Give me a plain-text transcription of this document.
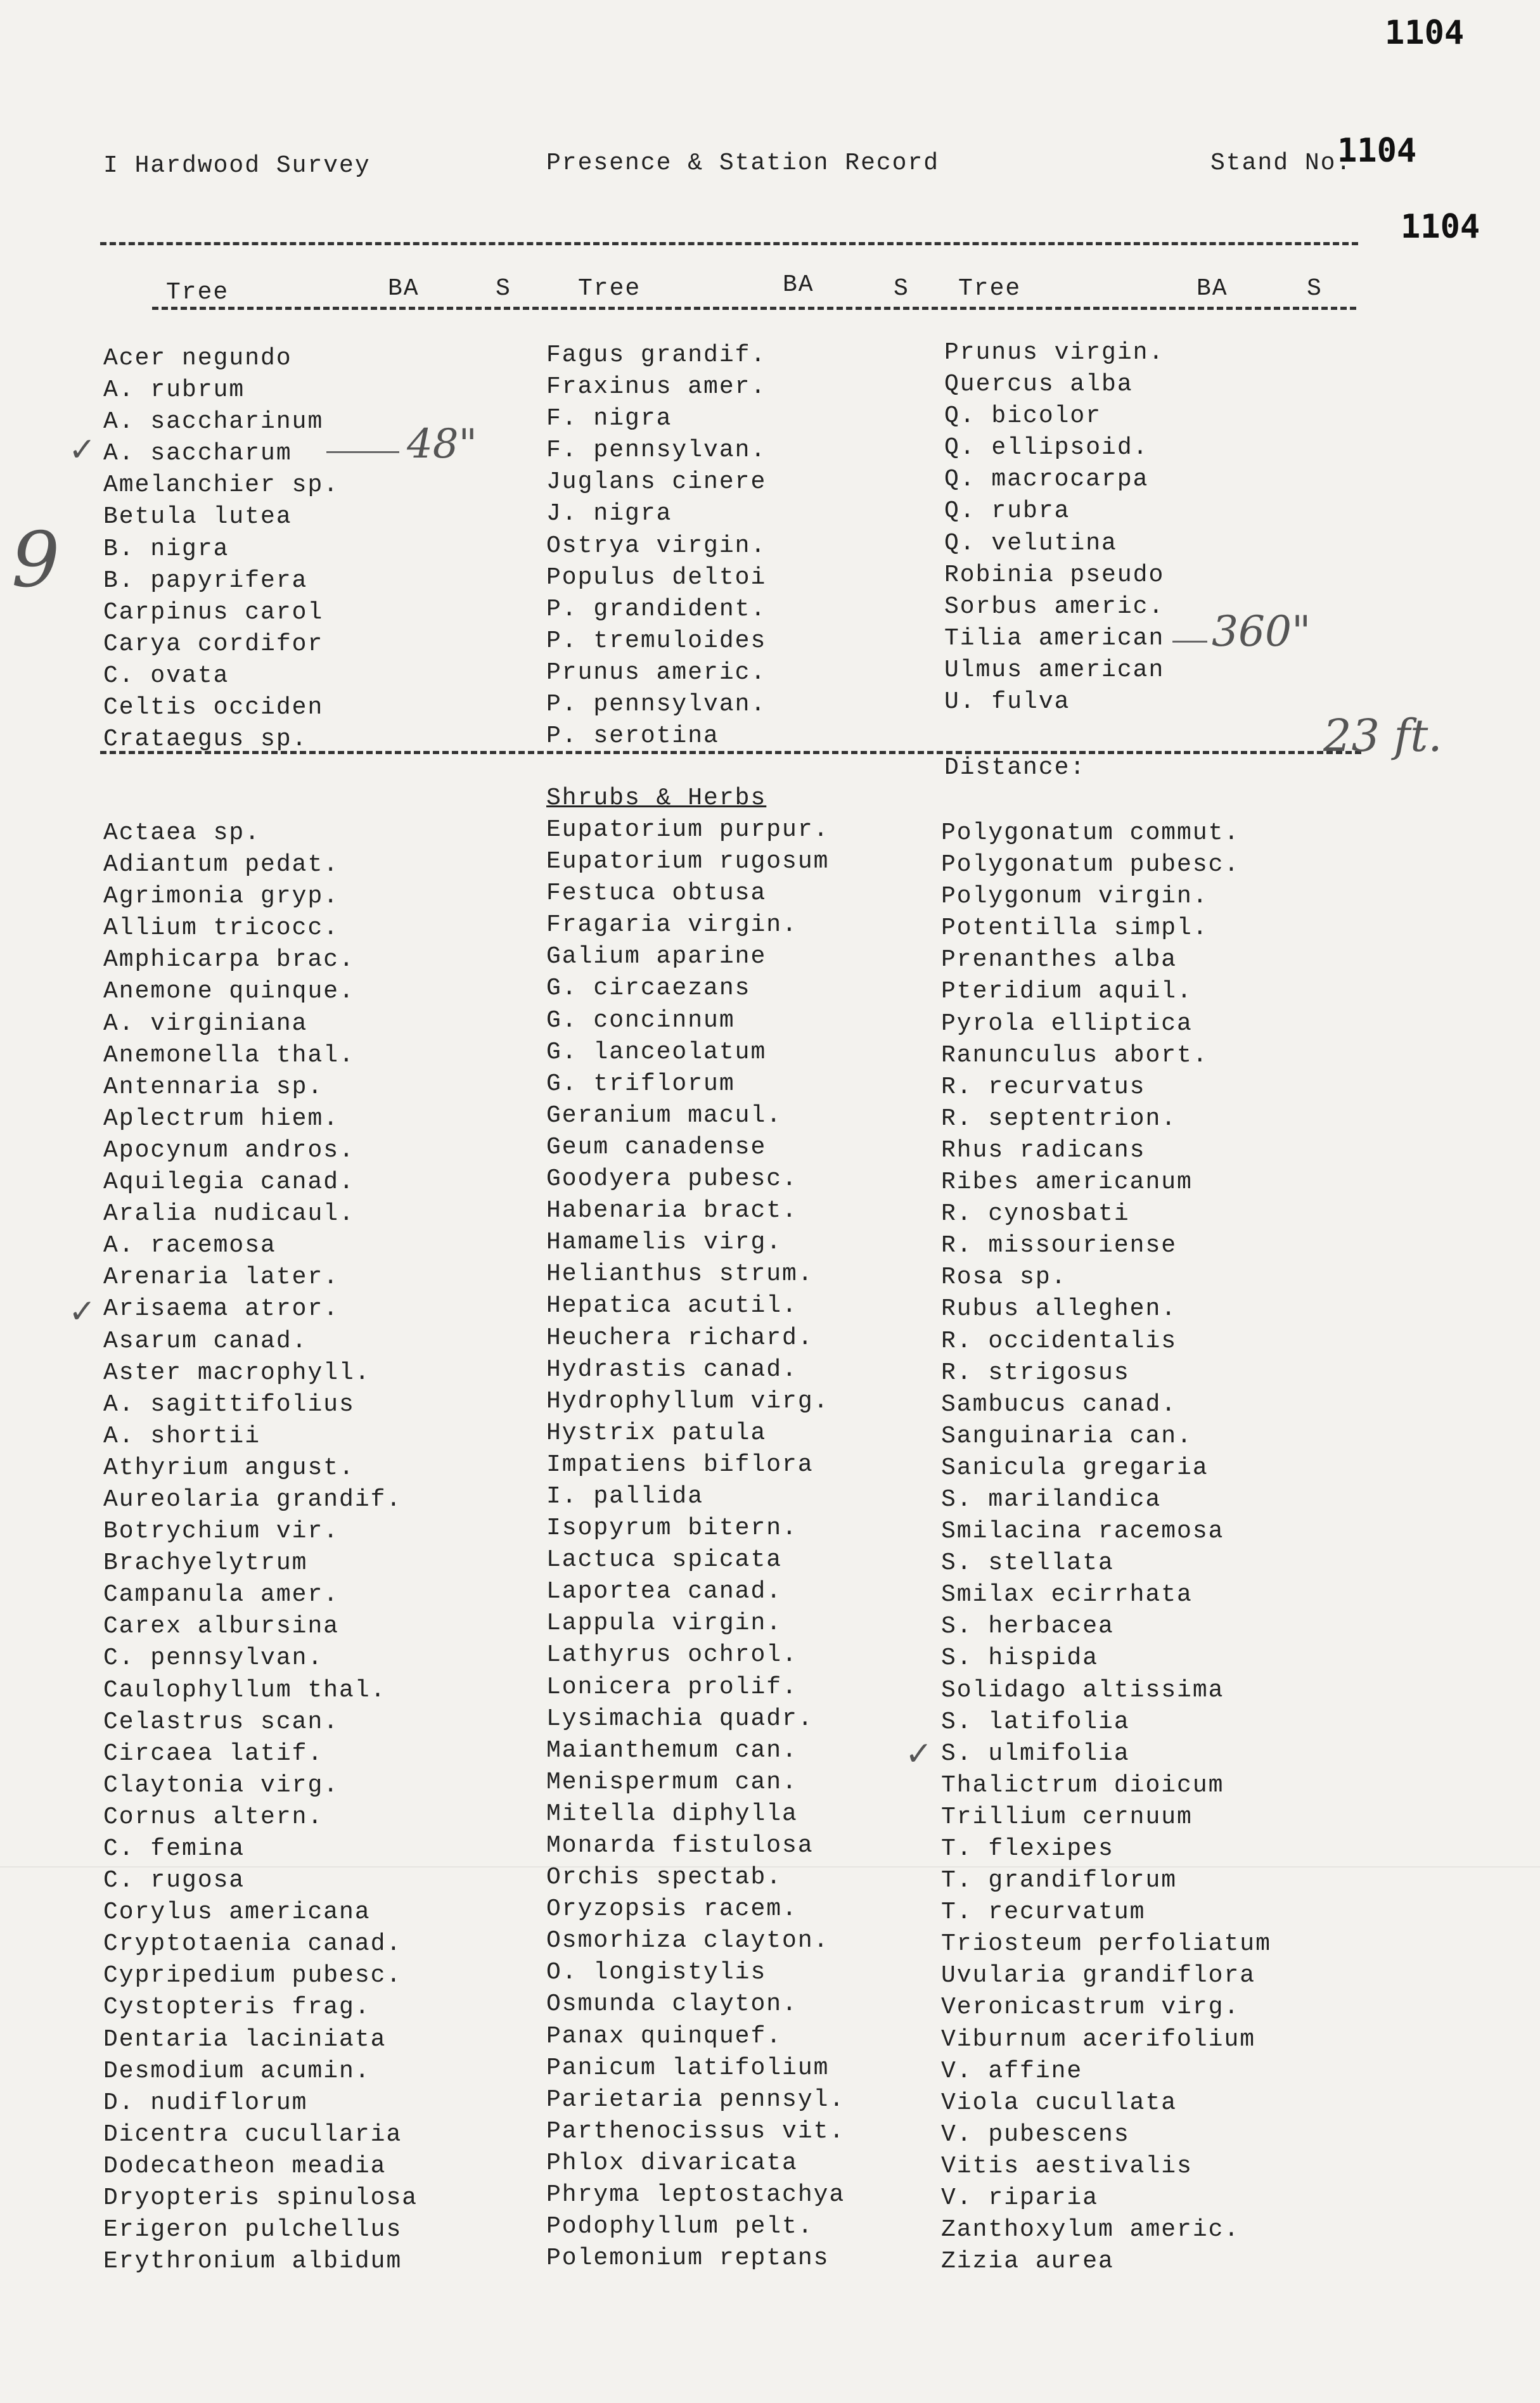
1104
1104
1104
I Hardwood Survey	Presence & Station Record	Stand No.
Tree	BA	S	Tree	BA	S Tree	BA	S
Acer negundo
A. rubrum
A. saccharinum
A. saccharum
Amelanchier sp.
Betula lutea
B. nigra
B. papyrifera
Carpinus carol
Carya cordifor
C. ovata
Celtis occiden
Crataegus sp.
Fagus grandif.
Fraxinus amer.
F. nigra
F. pennsylvan.
Juglans cinere
J. nigra
Ostrya virgin.
Populus deltoi
P. grandident.
P. tremuloides
Prunus americ.
P. pennsylvan.
P. serotina
Prunus virgin.
Quercus alba
Q. bicolor
Q. ellipsoid.
Q. macrocarpa
Q. rubra
Q. velutina
Robinia pseudo
Sorbus americ.
Tilia american
Ulmus american
U. fulva
Distance:
Shrubs & Herbs
Actaea sp.
Adiantum pedat.
Agrimonia gryp.
Allium tricocc.
Amphicarpa brac.
Anemone quinque.
A. virginiana
Anemonella thal.
Antennaria sp.
Aplectrum hiem.
Apocynum andros.
Aquilegia canad.
Aralia nudicaul.
A. racemosa
Arenaria later.
Arisaema atror.
Asarum canad.
Aster macrophyll.
A. sagittifolius
A. shortii
Athyrium angust.
Aureolaria grandif.
Botrychium vir.
Brachyelytrum
Campanula amer.
Carex albursina
C. pennsylvan.
Caulophyllum thal.
Celastrus scan.
Circaea latif.
Claytonia virg.
Cornus altern.
C. femina
C. rugosa
Corylus americana
Cryptotaenia canad.
Cypripedium pubesc.
Cystopteris frag.
Dentaria laciniata
Desmodium acumin.
D. nudiflorum
Dicentra cucullaria
Dodecatheon meadia
Dryopteris spinulosa
Erigeron pulchellus
Erythronium albidum
Eupatorium purpur.
Eupatorium rugosum
Festuca obtusa
Fragaria virgin.
Galium aparine
G. circaezans
G. concinnum
G. lanceolatum
G. triflorum
Geranium macul.
Geum canadense
Goodyera pubesc.
Habenaria bract.
Hamamelis virg.
Helianthus strum.
Hepatica acutil.
Heuchera richard.
Hydrastis canad.
Hydrophyllum virg.
Hystrix patula
Impatiens biflora
I. pallida
Isopyrum bitern.
Lactuca spicata
Laportea canad.
Lappula virgin.
Lathyrus ochrol.
Lonicera prolif.
Lysimachia quadr.
Maianthemum can.
Menispermum can.
Mitella diphylla
Monarda fistulosa
Orchis spectab.
Oryzopsis racem.
Osmorhiza clayton.
O. longistylis
Osmunda clayton.
Panax quinquef.
Panicum latifolium
Parietaria pennsyl.
Parthenocissus vit.
Phlox divaricata
Phryma leptostachya
Podophyllum pelt.
Polemonium reptans
Polygonatum commut.
Polygonatum pubesc.
Polygonum virgin.
Potentilla simpl.
Prenanthes alba
Pteridium aquil.
Pyrola elliptica
Ranunculus abort.
R. recurvatus
R. septentrion.
Rhus radicans
Ribes americanum
R. cynosbati
R. missouriense
Rosa sp.
Rubus alleghen.
R. occidentalis
R. strigosus
Sambucus canad.
Sanguinaria can.
Sanicula gregaria
S. marilandica
Smilacina racemosa
S. stellata
Smilax ecirrhata
S. herbacea
S. hispida
Solidago altissima
S. latifolia
S. ulmifolia
Thalictrum dioicum
Trillium cernuum
T. flexipes
T. grandiflorum
T. recurvatum
Triosteum perfoliatum
Uvularia grandiflora
Veronicastrum virg.
Viburnum acerifolium
V. affine
Viola cucullata
V. pubescens
Vitis aestivalis
V. riparia
Zanthoxylum americ.
Zizia aurea
48"
360"
23 ft.
9
✓
✓
✓
